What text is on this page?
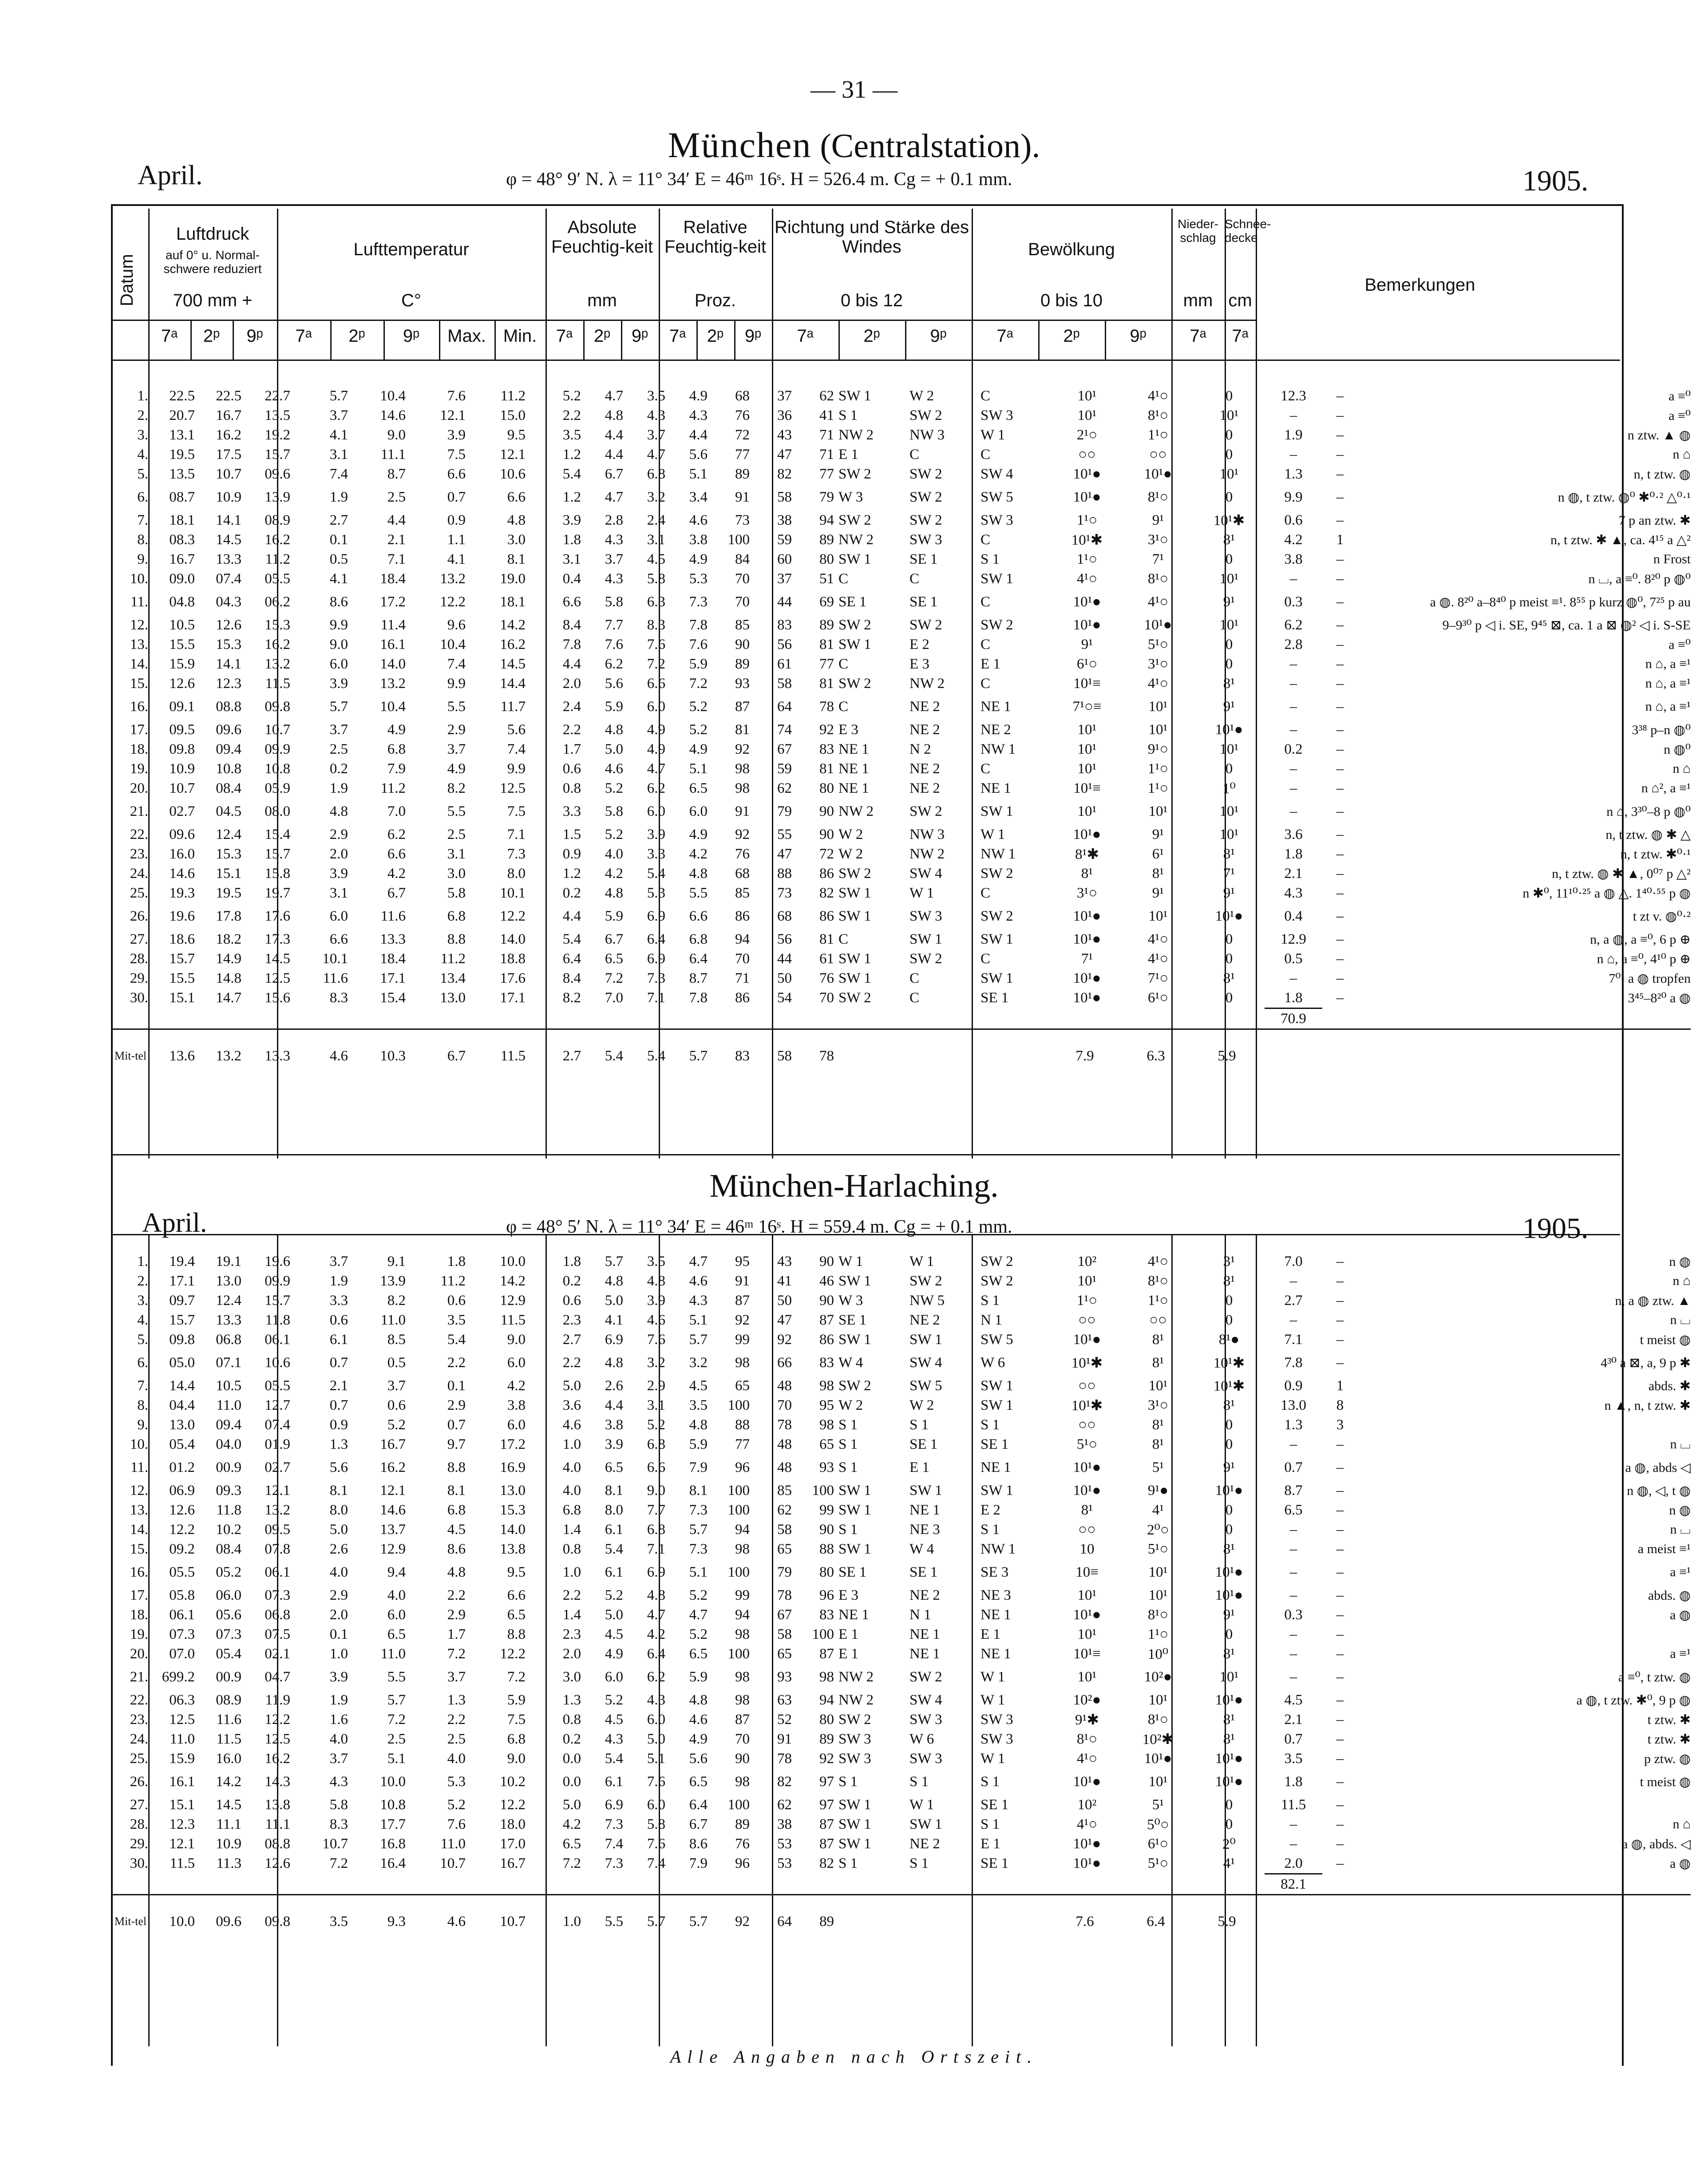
— 31 —
München (Centralstation).
April.	φ = 48° 9′ N. λ = 11° 34′ E = 46ᵐ 16ˢ. H = 526.4 m. Cg = + 0.1 mm.	1905.
München-Harlaching.
April.	φ = 48° 5′ N. λ = 11° 34′ E = 46ᵐ 16ˢ. H = 559.4 m. Cg = + 0.1 mm.	1905.
Datum
Luftdruck
auf 0° u. Normal-schwere reduziert
700 mm +
Lufttemperatur
C°
Absolute Feuchtig-keit
mm
Relative Feuchtig-keit
Proz.
Richtung und Stärke des Windes
0 bis 12
Bewölkung
0 bis 10
Nieder-schlag
mm
Schnee-decke
cm
Bemerkungen
7ᵃ	2ᵖ	9ᵖ	7ᵃ	2ᵖ	9ᵖ	Max. Min.	7ᵃ	2ᵖ	9ᵖ	7ᵃ	2ᵖ	9ᵖ	7ᵃ	2ᵖ	9ᵖ	7ᵃ	2ᵖ	9ᵖ	7ᵃ	7ᵃ
1.	22.5	22.5	22.7	5.7	10.4	7.6	11.2	5.2	4.7	3.5	4.9	68	37	62	SW 1	W 2	C	10¹	4¹○	0	12.3	–	a ≡⁰
2.	20.7	16.7	13.5	3.7	14.6	12.1	15.0	2.2	4.8	4.3	4.3	76	36	41	S 1	SW 2	SW 3	10¹	8¹○	10¹	–	–	a ≡⁰
3.	13.1	16.2	19.2	4.1	9.0	3.9	9.5	3.5	4.4	3.7	4.4	72	43	71	NW 2	NW 3	W 1	2¹○	1¹○	0	1.9	–	n ztw. ▲ ◍
4.	19.5	17.5	15.7	3.1	11.1	7.5	12.1	1.2	4.4	4.7	5.6	77	47	71	E 1	C	C	○○	○○	0	–	–	n ⌂
5.	13.5	10.7	09.6	7.4	8.7	6.6	10.6	5.4	6.7	6.8	5.1	89	82	77	SW 2	SW 2	SW 4	10¹●	10¹●	10¹	1.3	–	n, t ztw. ◍
6.	08.7	10.9	13.9	1.9	2.5	0.7	6.6	1.2	4.7	3.2	3.4	91	58	79	W 3	SW 2	SW 5	10¹●	8¹○	0	9.9	–	n ◍, t ztw. ◍⁰ ✱⁰·² △⁰·¹
7.	18.1	14.1	08.9	2.7	4.4	0.9	4.8	3.9	2.8	2.4	4.6	73	38	94	SW 2	SW 2	SW 3	1¹○	9¹	10¹✱	0.6	–	7 p an ztw. ✱
8.	08.3	14.5	16.2	0.1	2.1	1.1	3.0	1.8	4.3	3.1	3.8	100	59	89	NW 2	SW 3	C	10¹✱	3¹○	8¹	4.2	1	n, t ztw. ✱ ▲, ca. 4¹⁵ a △²
9.	16.7	13.3	11.2	0.5	7.1	4.1	8.1	3.1	3.7	4.5	4.9	84	60	80	SW 1	SE 1	S 1	1¹○	7¹	0	3.8	–	n Frost
10.	09.0	07.4	05.5	4.1	18.4	13.2	19.0	0.4	4.3	5.8	5.3	70	37	51	C	C	SW 1	4¹○	8¹○	10¹	–	–	n ⌴, a ≡⁰. 8²⁰ p ◍⁰
11.	04.8	04.3	06.2	8.6	17.2	12.2	18.1	6.6	5.8	6.3	7.3	70	44	69	SE 1	SE 1	C	10¹●	4¹○	9¹	0.3	–	a ◍. 8²⁰ a–8⁴⁰ p meist ≡¹. 8⁵⁵ p kurz ◍⁰, 7²⁵ p au
12.	10.5	12.6	15.3	9.9	11.4	9.6	14.2	8.4	7.7	8.3	7.8	85	83	89	SW 2	SW 2	SW 2	10¹●	10¹●	10¹	6.2	–	9–9³⁰ p ◁ i. SE, 9⁴⁵ ⊠, ca. 1 a ⊠ ◍² ◁ i. S-SE
13.	15.5	15.3	16.2	9.0	16.1	10.4	16.2	7.8	7.6	7.6	7.6	90	56	81	SW 1	E 2	C	9¹	5¹○	0	2.8	–	a ≡⁰
14.	15.9	14.1	13.2	6.0	14.0	7.4	14.5	4.4	6.2	7.2	5.9	89	61	77	C	E 3	E 1	6¹○	3¹○	0	–	–	n ⌂, a ≡¹
15.	12.6	12.3	11.5	3.9	13.2	9.9	14.4	2.0	5.6	6.6	7.2	93	58	81	SW 2	NW 2	C	10¹≡	4¹○	8¹	–	–	n ⌂, a ≡¹
16.	09.1	08.8	09.8	5.7	10.4	5.5	11.7	2.4	5.9	6.0	5.2	87	64	78	C	NE 2	NE 1	7¹○≡	10¹	9¹	–	–	n ⌂, a ≡¹
17.	09.5	09.6	10.7	3.7	4.9	2.9	5.6	2.2	4.8	4.9	5.2	81	74	92	E 3	NE 2	NE 2	10¹	10¹	10¹●	–	–	3³⁸ p–n ◍⁰
18.	09.8	09.4	09.9	2.5	6.8	3.7	7.4	1.7	5.0	4.9	4.9	92	67	83	NE 1	N 2	NW 1	10¹	9¹○	10¹	0.2	–	n ◍⁰
19.	10.9	10.8	10.8	0.2	7.9	4.9	9.9	0.6	4.6	4.7	5.1	98	59	81	NE 1	NE 2	C	10¹	1¹○	0	–	–	n ⌂
20.	10.7	08.4	05.9	1.9	11.2	8.2	12.5	0.8	5.2	6.2	6.5	98	62	80	NE 1	NE 2	NE 1	10¹≡	1¹○	1⁰	–	–	n ⌂², a ≡¹
21.	02.7	04.5	08.0	4.8	7.0	5.5	7.5	3.3	5.8	6.0	6.0	91	79	90	NW 2	SW 2	SW 1	10¹	10¹	10¹	–	–	n ⌂, 3³⁰–8 p ◍⁰
22.	09.6	12.4	15.4	2.9	6.2	2.5	7.1	1.5	5.2	3.9	4.9	92	55	90	W 2	NW 3	W 1	10¹●	9¹	10¹	3.6	–	n, t ztw. ◍ ✱ △
23.	16.0	15.3	15.7	2.0	6.6	3.1	7.3	0.9	4.0	3.3	4.2	76	47	72	W 2	NW 2	NW 1	8¹✱	6¹	8¹	1.8	–	n, t ztw. ✱⁰·¹
24.	14.6	15.1	15.8	3.9	4.2	3.0	8.0	1.2	4.2	5.4	4.8	68	88	86	SW 2	SW 4	SW 2	8¹	8¹	7¹	2.1	–	n, t ztw. ◍ ✱ ▲, 0⁰⁷ p △²
25.	19.3	19.5	19.7	3.1	6.7	5.8	10.1	0.2	4.8	5.3	5.5	85	73	82	SW 1	W 1	C	3¹○	9¹	9¹	4.3	–	n ✱⁰, 11¹⁰·²⁵ a ◍ △. 1⁴⁰·⁵⁵ p ◍
26.	19.6	17.8	17.6	6.0	11.6	6.8	12.2	4.4	5.9	6.9	6.6	86	68	86	SW 1	SW 3	SW 2	10¹●	10¹	10¹●	0.4	–	t zt v. ◍⁰·²
27.	18.6	18.2	17.3	6.6	13.3	8.8	14.0	5.4	6.7	6.4	6.8	94	56	81	C	SW 1	SW 1	10¹●	4¹○	0	12.9	–	n, a ◍, a ≡⁰, 6 p ⊕
28.	15.7	14.9	14.5	10.1	18.4	11.2	18.8	6.4	6.5	6.9	6.4	70	44	61	SW 1	SW 2	C	7¹	4¹○	0	0.5	–	n ⌂, a ≡⁰, 4¹⁰ p ⊕
29.	15.5	14.8	12.5	11.6	17.1	13.4	17.6	8.4	7.2	7.3	8.7	71	50	76	SW 1	C	SW 1	10¹●	7¹○	8¹	–	–	7⁰¹ a ◍ tropfen
30.	15.1	14.7	15.6	8.3	15.4	13.0	17.1	8.2	7.0	7.1	7.8	86	54	70	SW 2	C	SE 1	10¹●	6¹○	0	1.8	–	3⁴⁵–8²⁰ a ◍
																					70.9		
Mit-tel	13.6	13.2	13.3	4.6	10.3	6.7	11.5	2.7	5.4	5.4	5.7	83	58	78				7.9	6.3	5.9			
1.	19.4	19.1	19.6	3.7	9.1	1.8	10.0	1.8	5.7	3.5	4.7	95	43	90	W 1	W 1	SW 2	10²	4¹○	3¹	7.0	–	n ◍
2.	17.1	13.0	09.9	1.9	13.9	11.2	14.2	0.2	4.8	4.8	4.6	91	41	46	SW 1	SW 2	SW 2	10¹	8¹○	8¹	–	–	n ⌂
3.	09.7	12.4	15.7	3.3	8.2	0.6	12.9	0.6	5.0	3.9	4.3	87	50	90	W 3	NW 5	S 1	1¹○	1¹○	0	2.7	–	n, a ◍ ztw. ▲
4.	15.7	13.3	11.8	0.6	11.0	3.5	11.5	2.3	4.1	4.6	5.1	92	47	87	SE 1	NE 2	N 1	○○	○○	0	–	–	n ⌴
5.	09.8	06.8	06.1	6.1	8.5	5.4	9.0	2.7	6.9	7.6	5.7	99	92	86	SW 1	SW 1	SW 5	10¹●	8¹	8¹●	7.1	–	t meist ◍
6.	05.0	07.1	10.6	0.7	0.5	2.2	6.0	2.2	4.8	3.2	3.2	98	66	83	W 4	SW 4	W 6	10¹✱	8¹	10¹✱	7.8	–	4³⁰ a ⊠, a, 9 p ✱
7.	14.4	10.5	05.5	2.1	3.7	0.1	4.2	5.0	2.6	2.9	4.5	65	48	98	SW 2	SW 5	SW 1	○○	10¹	10¹✱	0.9	1	abds. ✱
8.	04.4	11.0	12.7	0.7	0.6	2.9	3.8	3.6	4.4	3.1	3.5	100	70	95	W 2	W 2	SW 1	10¹✱	3¹○	8¹	13.0	8	n ▲, n, t ztw. ✱
9.	13.0	09.4	07.4	0.9	5.2	0.7	6.0	4.6	3.8	5.2	4.8	88	78	98	S 1	S 1	S 1	○○	8¹	0	1.3	3	
10.	05.4	04.0	01.9	1.3	16.7	9.7	17.2	1.0	3.9	6.8	5.9	77	48	65	S 1	SE 1	SE 1	5¹○	8¹	0	–	–	n ⌴
11.	01.2	00.9	02.7	5.6	16.2	8.8	16.9	4.0	6.5	6.6	7.9	96	48	93	S 1	E 1	NE 1	10¹●	5¹	9¹	0.7	–	a ◍, abds ◁
12.	06.9	09.3	12.1	8.1	12.1	8.1	13.0	4.0	8.1	9.0	8.1	100	85	100	SW 1	SW 1	SW 1	10¹●	9¹●	10¹●	8.7	–	n ◍, ◁, t ◍
13.	12.6	11.8	13.2	8.0	14.6	6.8	15.3	6.8	8.0	7.7	7.3	100	62	99	SW 1	NE 1	E 2	8¹	4¹	0	6.5	–	n ◍
14.	12.2	10.2	09.5	5.0	13.7	4.5	14.0	1.4	6.1	6.8	5.7	94	58	90	S 1	NE 3	S 1	○○	2⁰○	0	–	–	n ⌴
15.	09.2	08.4	07.8	2.6	12.9	8.6	13.8	0.8	5.4	7.1	7.3	98	65	88	SW 1	W 4	NW 1	10	5¹○	8¹	–	–	a meist ≡¹
16.	05.5	05.2	06.1	4.0	9.4	4.8	9.5	1.0	6.1	6.9	5.1	100	79	80	SE 1	SE 1	SE 3	10≡	10¹	10¹●	–	–	a ≡¹
17.	05.8	06.0	07.3	2.9	4.0	2.2	6.6	2.2	5.2	4.8	5.2	99	78	96	E 3	NE 2	NE 3	10¹	10¹	10¹●	–	–	abds. ◍
18.	06.1	05.6	06.8	2.0	6.0	2.9	6.5	1.4	5.0	4.7	4.7	94	67	83	NE 1	N 1	NE 1	10¹●	8¹○	9¹	0.3	–	a ◍
19.	07.3	07.3	07.5	0.1	6.5	1.7	8.8	2.3	4.5	4.2	5.2	98	58	100	E 1	NE 1	E 1	10¹	1¹○	0	–	–	
20.	07.0	05.4	02.1	1.0	11.0	7.2	12.2	2.0	4.9	6.4	6.5	100	65	87	E 1	NE 1	NE 1	10¹≡	10⁰	8¹	–	–	a ≡¹
21.	699.2	00.9	04.7	3.9	5.5	3.7	7.2	3.0	6.0	6.2	5.9	98	93	98	NW 2	SW 2	W 1	10¹	10²●	10¹	–	–	a ≡⁰, t ztw. ◍
22.	06.3	08.9	11.9	1.9	5.7	1.3	5.9	1.3	5.2	4.3	4.8	98	63	94	NW 2	SW 4	W 1	10²●	10¹	10¹●	4.5	–	a ◍, t ztw. ✱⁰, 9 p ◍
23.	12.5	11.6	12.2	1.6	7.2	2.2	7.5	0.8	4.5	6.0	4.6	87	52	80	SW 2	SW 3	SW 3	9¹✱	8¹○	8¹	2.1	–	t ztw. ✱
24.	11.0	11.5	12.5	4.0	2.5	2.5	6.8	0.2	4.3	5.0	4.9	70	91	89	SW 3	W 6	SW 3	8¹○	10²✱	8¹	0.7	–	t ztw. ✱
25.	15.9	16.0	16.2	3.7	5.1	4.0	9.0	0.0	5.4	5.1	5.6	90	78	92	SW 3	SW 3	W 1	4¹○	10¹●	10¹●	3.5	–	p ztw. ◍
26.	16.1	14.2	14.3	4.3	10.0	5.3	10.2	0.0	6.1	7.6	6.5	98	82	97	S 1	S 1	S 1	10¹●	10¹	10¹●	1.8	–	t meist ◍
27.	15.1	14.5	13.8	5.8	10.8	5.2	12.2	5.0	6.9	6.0	6.4	100	62	97	SW 1	W 1	SE 1	10²	5¹	0	11.5	–	
28.	12.3	11.1	11.1	8.3	17.7	7.6	18.0	4.2	7.3	5.8	6.7	89	38	87	SW 1	SW 1	S 1	4¹○	5⁰○	0	–	–	n ⌂
29.	12.1	10.9	08.8	10.7	16.8	11.0	17.0	6.5	7.4	7.6	8.6	76	53	87	SW 1	NE 2	E 1	10¹●	6¹○	2⁰	–	–	a ◍, abds. ◁
30.	11.5	11.3	12.6	7.2	16.4	10.7	16.7	7.2	7.3	7.4	7.9	96	53	82	S 1	S 1	SE 1	10¹●	5¹○	4¹	2.0	–	a ◍
																					82.1		
Mit-tel	10.0	09.6	09.8	3.5	9.3	4.6	10.7	1.0	5.5	5.7	5.7	92	64	89				7.6	6.4	5.9			
Alle Angaben nach Ortszeit.
